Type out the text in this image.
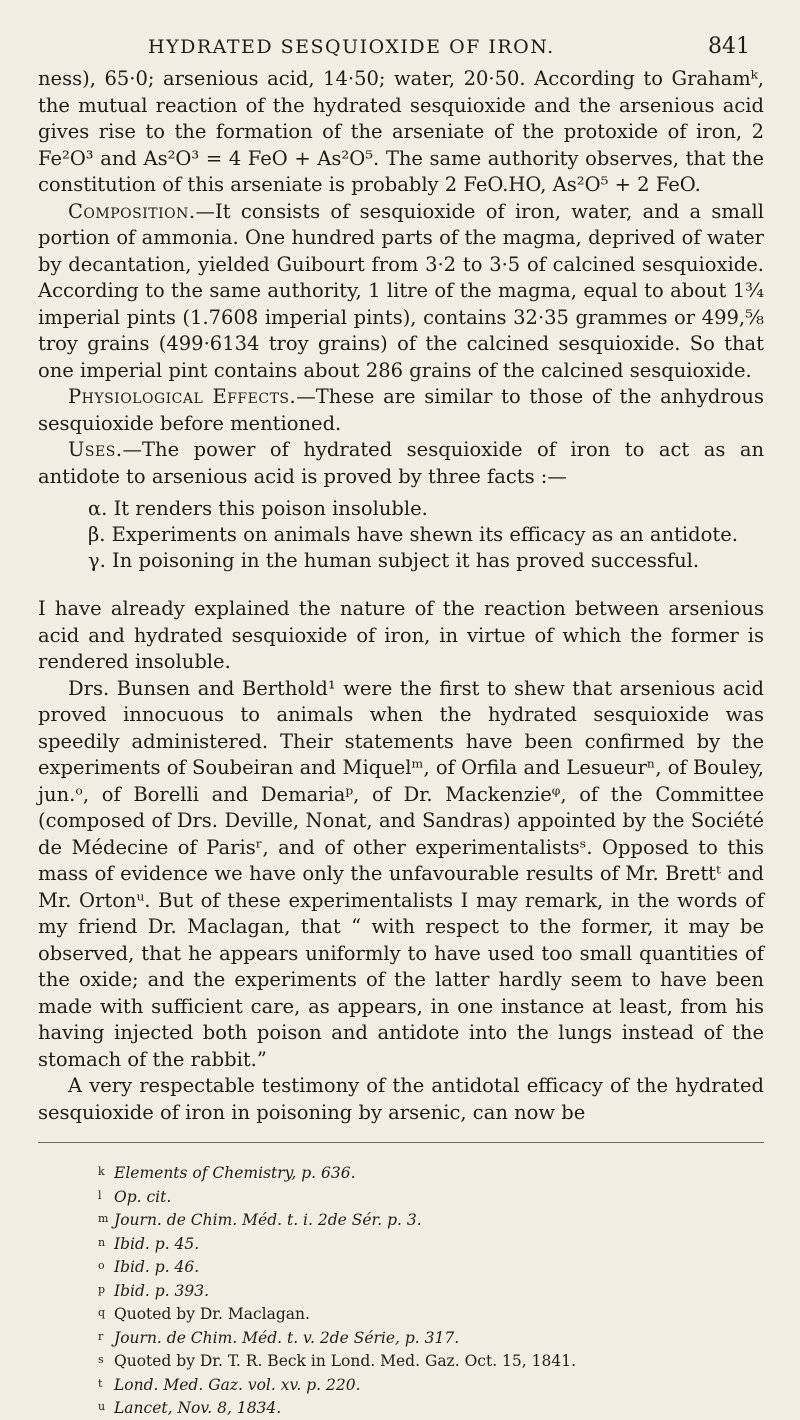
HYDRATED SESQUIOXIDE OF IRON.	841

ness), 65·0; arsenious acid, 14·50; water, 20·50. According to Grahamᵏ, the mutual reaction of the hydrated sesquioxide and the arsenious acid gives rise to the formation of the arseniate of the protoxide of iron, 2 Fe²O³ and As²O³ = 4 FeO + As²O⁵. The same authority observes, that the constitution of this arseniate is probably 2 FeO.HO, As²O⁵ + 2 FeO.

Composition.—It consists of sesquioxide of iron, water, and a small portion of ammonia. One hundred parts of the magma, deprived of water by decantation, yielded Guibourt from 3·2 to 3·5 of calcined sesquioxide. According to the same authority, 1 litre of the magma, equal to about 1¾ imperial pints (1.7608 imperial pints), contains 32·35 grammes or 499,⁵⁄₈ troy grains (499·6134 troy grains) of the calcined sesquioxide. So that one imperial pint contains about 286 grains of the calcined sesquioxide.

Physiological Effects.—These are similar to those of the anhydrous sesquioxide before mentioned.

Uses.—The power of hydrated sesquioxide of iron to act as an antidote to arsenious acid is proved by three facts :—

α. It renders this poison insoluble.
β. Experiments on animals have shewn its efficacy as an antidote.
γ. In poisoning in the human subject it has proved successful.

I have already explained the nature of the reaction between arsenious acid and hydrated sesquioxide of iron, in virtue of which the former is rendered insoluble.

Drs. Bunsen and Berthold¹ were the first to shew that arsenious acid proved innocuous to animals when the hydrated sesquioxide was speedily administered. Their statements have been confirmed by the experiments of Soubeiran and Miquelᵐ, of Orfila and Lesueurⁿ, of Bouley, jun.ᵒ, of Borelli and Demariaᵖ, of Dr. Mackenzieᵠ, of the Committee (composed of Drs. Deville, Nonat, and Sandras) appointed by the Société de Médecine of Parisʳ, and of other experimentalistsˢ. Opposed to this mass of evidence we have only the unfavourable results of Mr. Brettᵗ and Mr. Ortonᵘ. But of these experimentalists I may remark, in the words of my friend Dr. Maclagan, that “ with respect to the former, it may be observed, that he appears uniformly to have used too small quantities of the oxide; and the experiments of the latter hardly seem to have been made with sufficient care, as appears, in one instance at least, from his having injected both poison and antidote into the lungs instead of the stomach of the rabbit.”

A very respectable testimony of the antidotal efficacy of the hydrated sesquioxide of iron in poisoning by arsenic, can now be

k Elements of Chemistry, p. 636.
l Op. cit.
m Journ. de Chim. Méd. t. i. 2de Sér. p. 3.
n Ibid. p. 45.
o Ibid. p. 46.
p Ibid. p. 393.
q Quoted by Dr. Maclagan.
r Journ. de Chim. Méd. t. v. 2de Série, p. 317.
s Quoted by Dr. T. R. Beck in Lond. Med. Gaz. Oct. 15, 1841.
t Lond. Med. Gaz. vol. xv. p. 220.
u Lancet, Nov. 8, 1834.
